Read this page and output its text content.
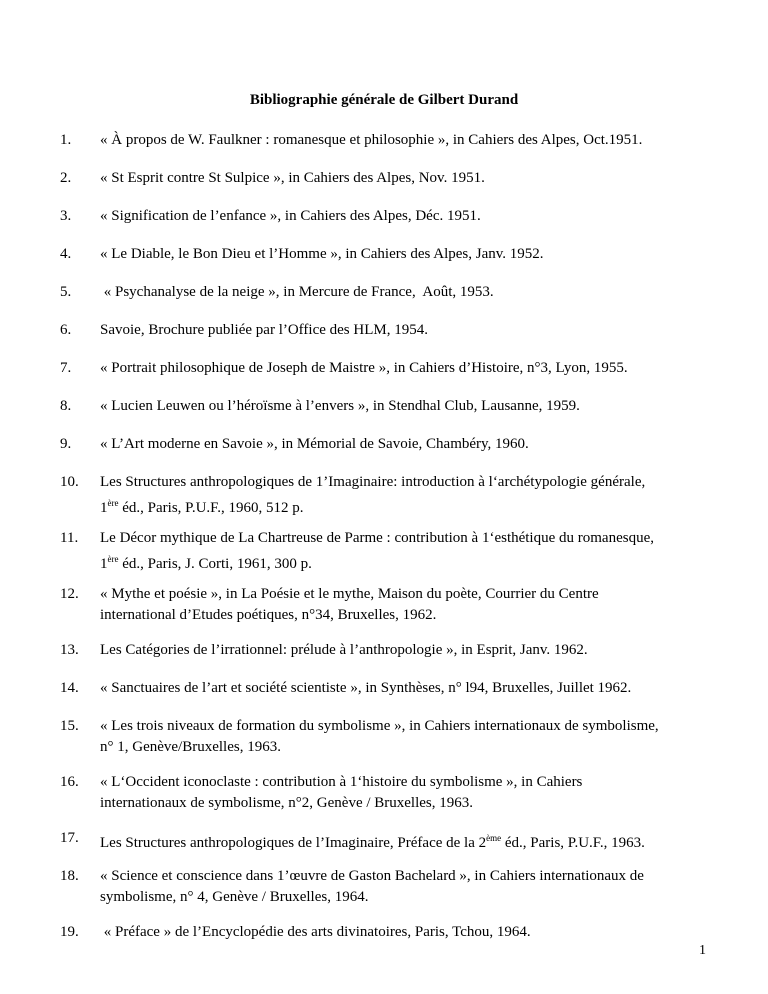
Bibliographie générale de Gilbert Durand
1. « À propos de W. Faulkner : romanesque et philosophie », in Cahiers des Alpes, Oct.1951.
2. « St Esprit contre St Sulpice », in Cahiers des Alpes, Nov. 1951.
3. « Signification de l’enfance », in Cahiers des Alpes, Déc. 1951.
4. « Le Diable, le Bon Dieu et l’Homme », in Cahiers des Alpes, Janv. 1952.
5. « Psychanalyse de la neige », in Mercure de France,  Août, 1953.
6. Savoie, Brochure publiée par l’Office des HLM, 1954.
7. « Portrait philosophique de Joseph de Maistre », in Cahiers d’Histoire, n°3, Lyon, 1955.
8. « Lucien Leuwen ou l’héroïsme à l’envers », in Stendhal Club, Lausanne, 1959.
9. « L’Art moderne en Savoie », in Mémorial de Savoie, Chambéry, 1960.
10. Les Structures anthropologiques de 1’Imaginaire: introduction à l‘archétypologie générale,
1ère éd., Paris, P.U.F., 1960, 512 p.
11. Le Décor mythique de La Chartreuse de Parme : contribution à 1‘esthétique du romanesque,
1ère éd., Paris, J. Corti, 1961, 300 p.
12. « Mythe et poésie », in La Poésie et le mythe, Maison du poète, Courrier du Centre
international d’Etudes poétiques, n°34, Bruxelles, 1962.
13. Les Catégories de l’irrationnel: prélude à l’anthropologie », in Esprit, Janv. 1962.
14. « Sanctuaires de l’art et société scientiste », in Synthèses, n° l94, Bruxelles, Juillet 1962.
15. « Les trois niveaux de formation du symbolisme », in Cahiers internationaux de symbolisme,
n° 1, Genève/Bruxelles, 1963.
16. « L‘Occident iconoclaste : contribution à 1‘histoire du symbolisme », in Cahiers
internationaux de symbolisme, n°2, Genève / Bruxelles, 1963.
17. Les Structures anthropologiques de l’Imaginaire, Préface de la 2ème éd., Paris, P.U.F., 1963.
18. « Science et conscience dans 1’œuvre de Gaston Bachelard », in Cahiers internationaux de
symbolisme, n° 4, Genève / Bruxelles, 1964.
19. « Préface » de l’Encyclopédie des arts divinatoires, Paris, Tchou, 1964.
1
